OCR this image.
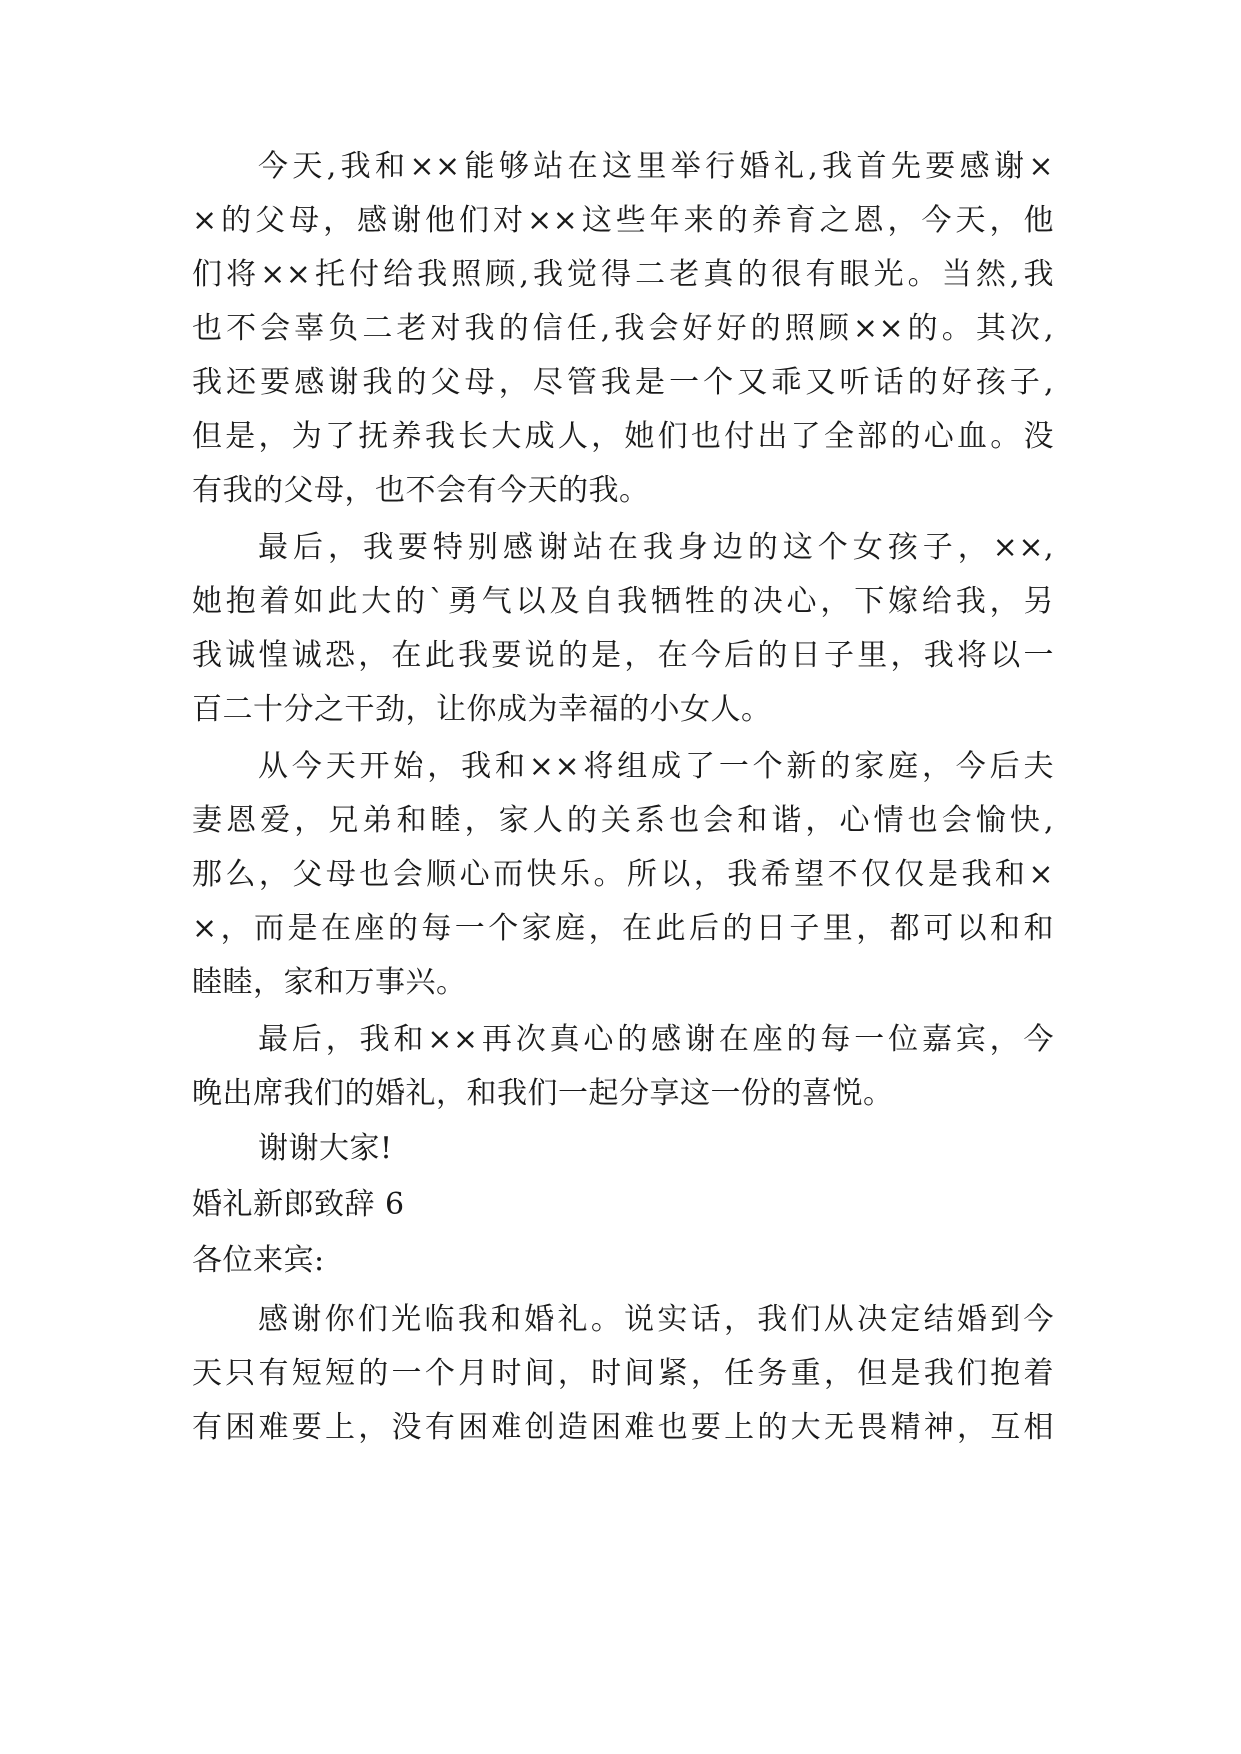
今天,我和××能够站在这里举行婚礼,我首先要感谢×
×的父母，感谢他们对××这些年来的养育之恩，今天，他
们将××托付给我照顾,我觉得二老真的很有眼光。当然,我
也不会辜负二老对我的信任,我会好好的照顾××的。其次,
我还要感谢我的父母，尽管我是一个又乖又听话的好孩子,
但是，为了抚养我长大成人，她们也付出了全部的心血。没
有我的父母，也不会有今天的我。
最后，我要特别感谢站在我身边的这个女孩子，××,
她抱着如此大的`勇气以及自我牺牲的决心，下嫁给我，另
我诚惶诚恐，在此我要说的是，在今后的日子里，我将以一
百二十分之干劲，让你成为幸福的小女人。
从今天开始，我和××将组成了一个新的家庭，今后夫
妻恩爱，兄弟和睦，家人的关系也会和谐，心情也会愉快,
那么，父母也会顺心而快乐。所以，我希望不仅仅是我和×
×，而是在座的每一个家庭，在此后的日子里，都可以和和
睦睦，家和万事兴。
最后，我和××再次真心的感谢在座的每一位嘉宾，今
晚出席我们的婚礼，和我们一起分享这一份的喜悦。
谢谢大家!
婚礼新郎致辞 6
各位来宾:
感谢你们光临我和婚礼。说实话，我们从决定结婚到今
天只有短短的一个月时间，时间紧，任务重，但是我们抱着
有困难要上，没有困难创造困难也要上的大无畏精神，互相
